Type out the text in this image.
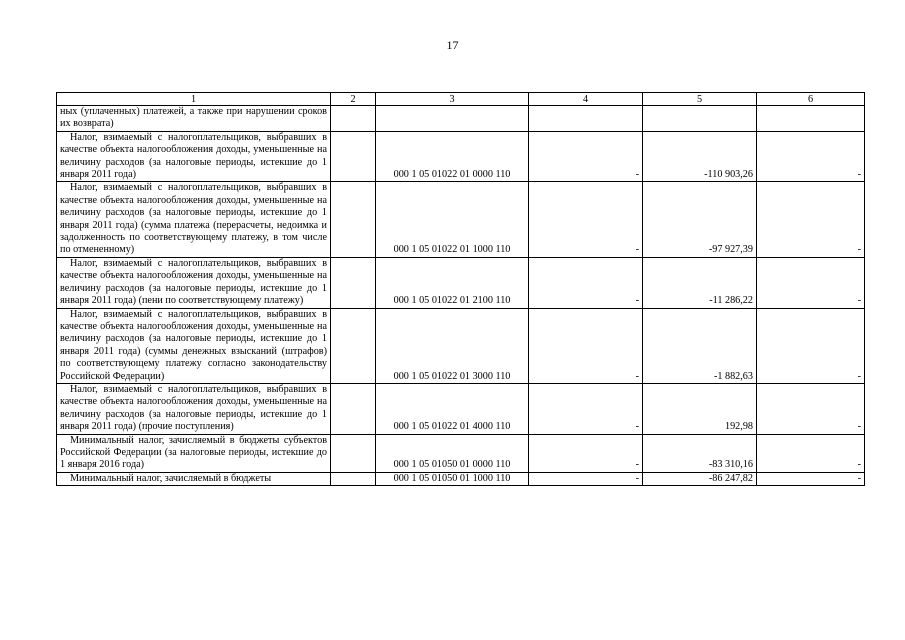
17
1	2	3	4	5	6

ных (уплаченных) платежей, а также при нарушении сроков их возврата)					

Налог, взимаемый с налогоплательщиков, выбравших в качестве объекта налогообложения доходы, уменьшенные на величину расходов (за налоговые периоды, истекшие до 1 января 2011 года)		000 1 05 01022 01 0000 110	-	-110 903,26	-

Налог, взимаемый с налогоплательщиков, выбравших в качестве объекта налогообложения доходы, уменьшенные на величину расходов (за налоговые периоды, истекшие до 1 января 2011 года) (сумма платежа (перерасчеты, недоимка и задолженность по соответствующему платежу, в том числе по отмененному)		000 1 05 01022 01 1000 110	-	-97 927,39	-

Налог, взимаемый с налогоплательщиков, выбравших в качестве объекта налогообложения доходы, уменьшенные на величину расходов (за налоговые периоды, истекшие до 1 января 2011 года) (пени по соответствующему платежу)		000 1 05 01022 01 2100 110	-	-11 286,22	-

Налог, взимаемый с налогоплательщиков, выбравших в качестве объекта налогообложения доходы, уменьшенные на величину расходов (за налоговые периоды, истекшие до 1 января 2011 года) (суммы денежных взысканий (штрафов) по соответствующему платежу согласно законодательству Российской Федерации)		000 1 05 01022 01 3000 110	-	-1 882,63	-

Налог, взимаемый с налогоплательщиков, выбравших в качестве объекта налогообложения доходы, уменьшенные на величину расходов (за налоговые периоды, истекшие до 1 января 2011 года) (прочие поступления)		000 1 05 01022 01 4000 110	-	192,98	-

Минимальный налог, зачисляемый в бюджеты субъектов Российской Федерации (за налоговые периоды, истекшие до 1 января 2016 года)		000 1 05 01050 01 0000 110	-	-83 310,16	-

Минимальный налог, зачисляемый в бюджеты		000 1 05 01050 01 1000 110	-	-86 247,82	-
